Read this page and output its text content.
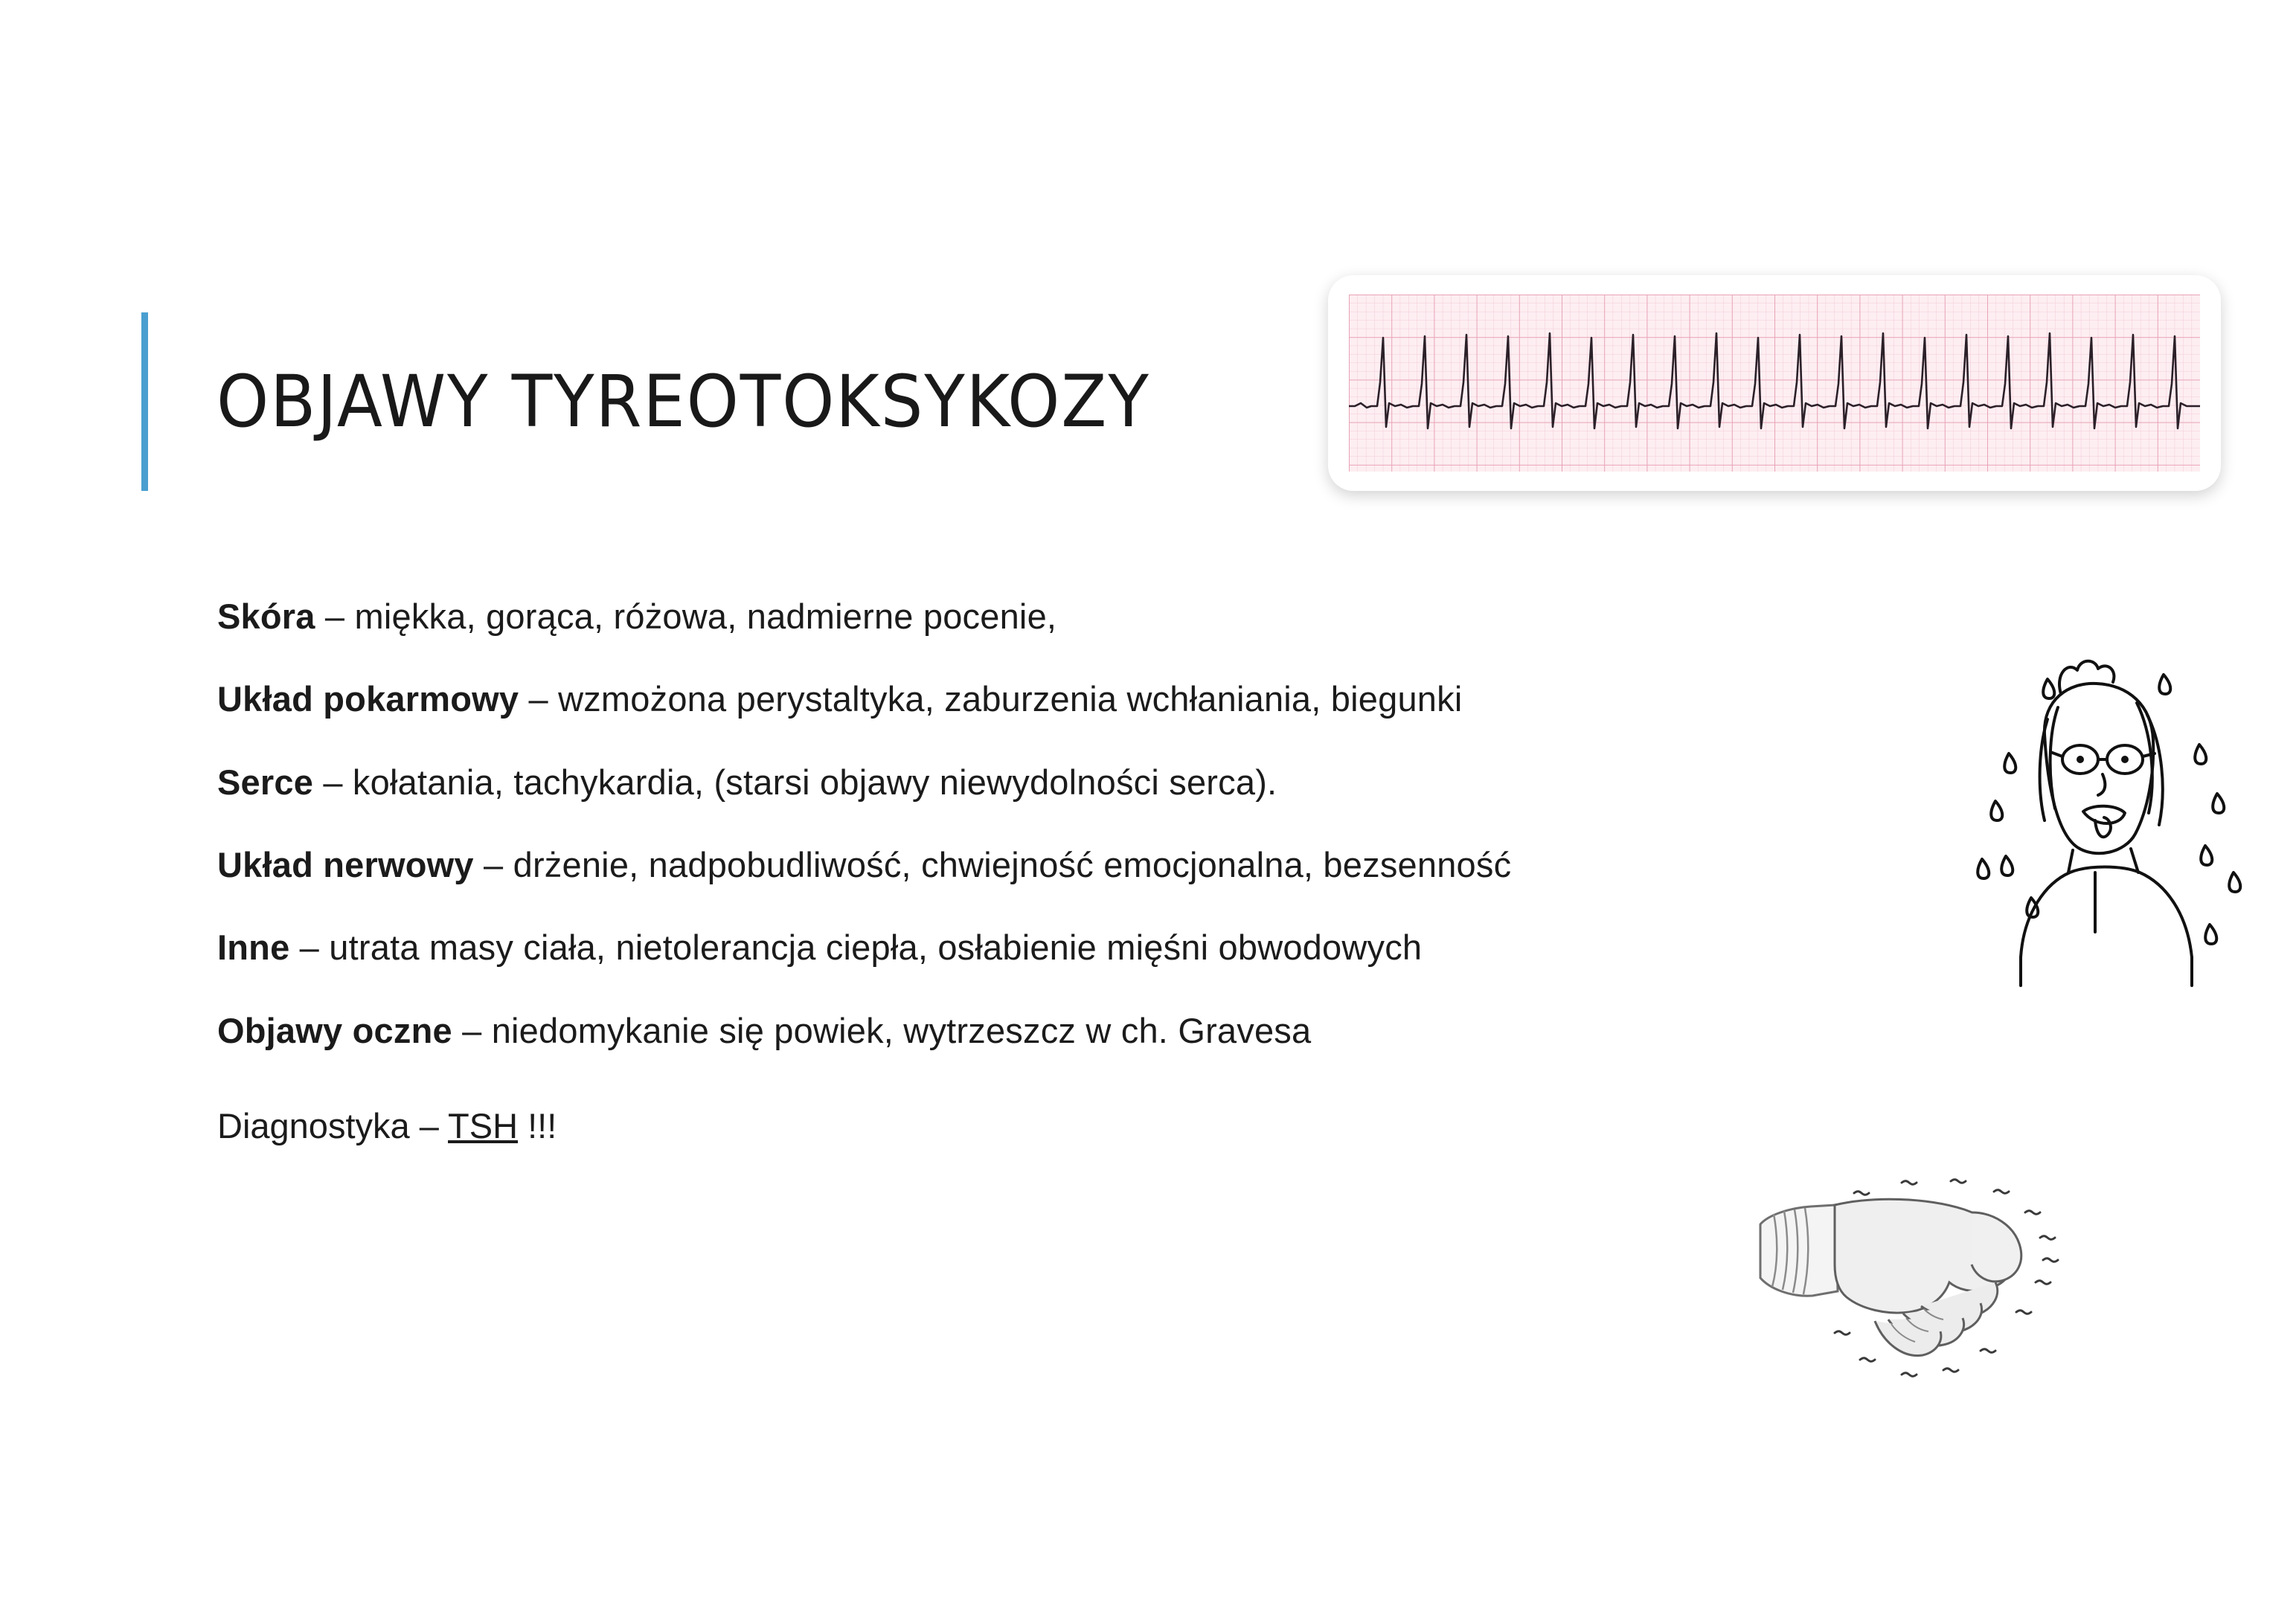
OBJAWY TYREOTOKSYKOZY
Skóra – miękka, gorąca, różowa, nadmierne pocenie,
Układ pokarmowy – wzmożona perystaltyka, zaburzenia wchłaniania, biegunki
Serce – kołatania, tachykardia, (starsi objawy niewydolności serca).
Układ nerwowy – drżenie, nadpobudliwość, chwiejność emocjonalna, bezsenność
Inne – utrata masy ciała, nietolerancja ciepła, osłabienie mięśni obwodowych
Objawy oczne – niedomykanie się powiek, wytrzeszcz w ch. Gravesa
Diagnostyka – TSH !!!
